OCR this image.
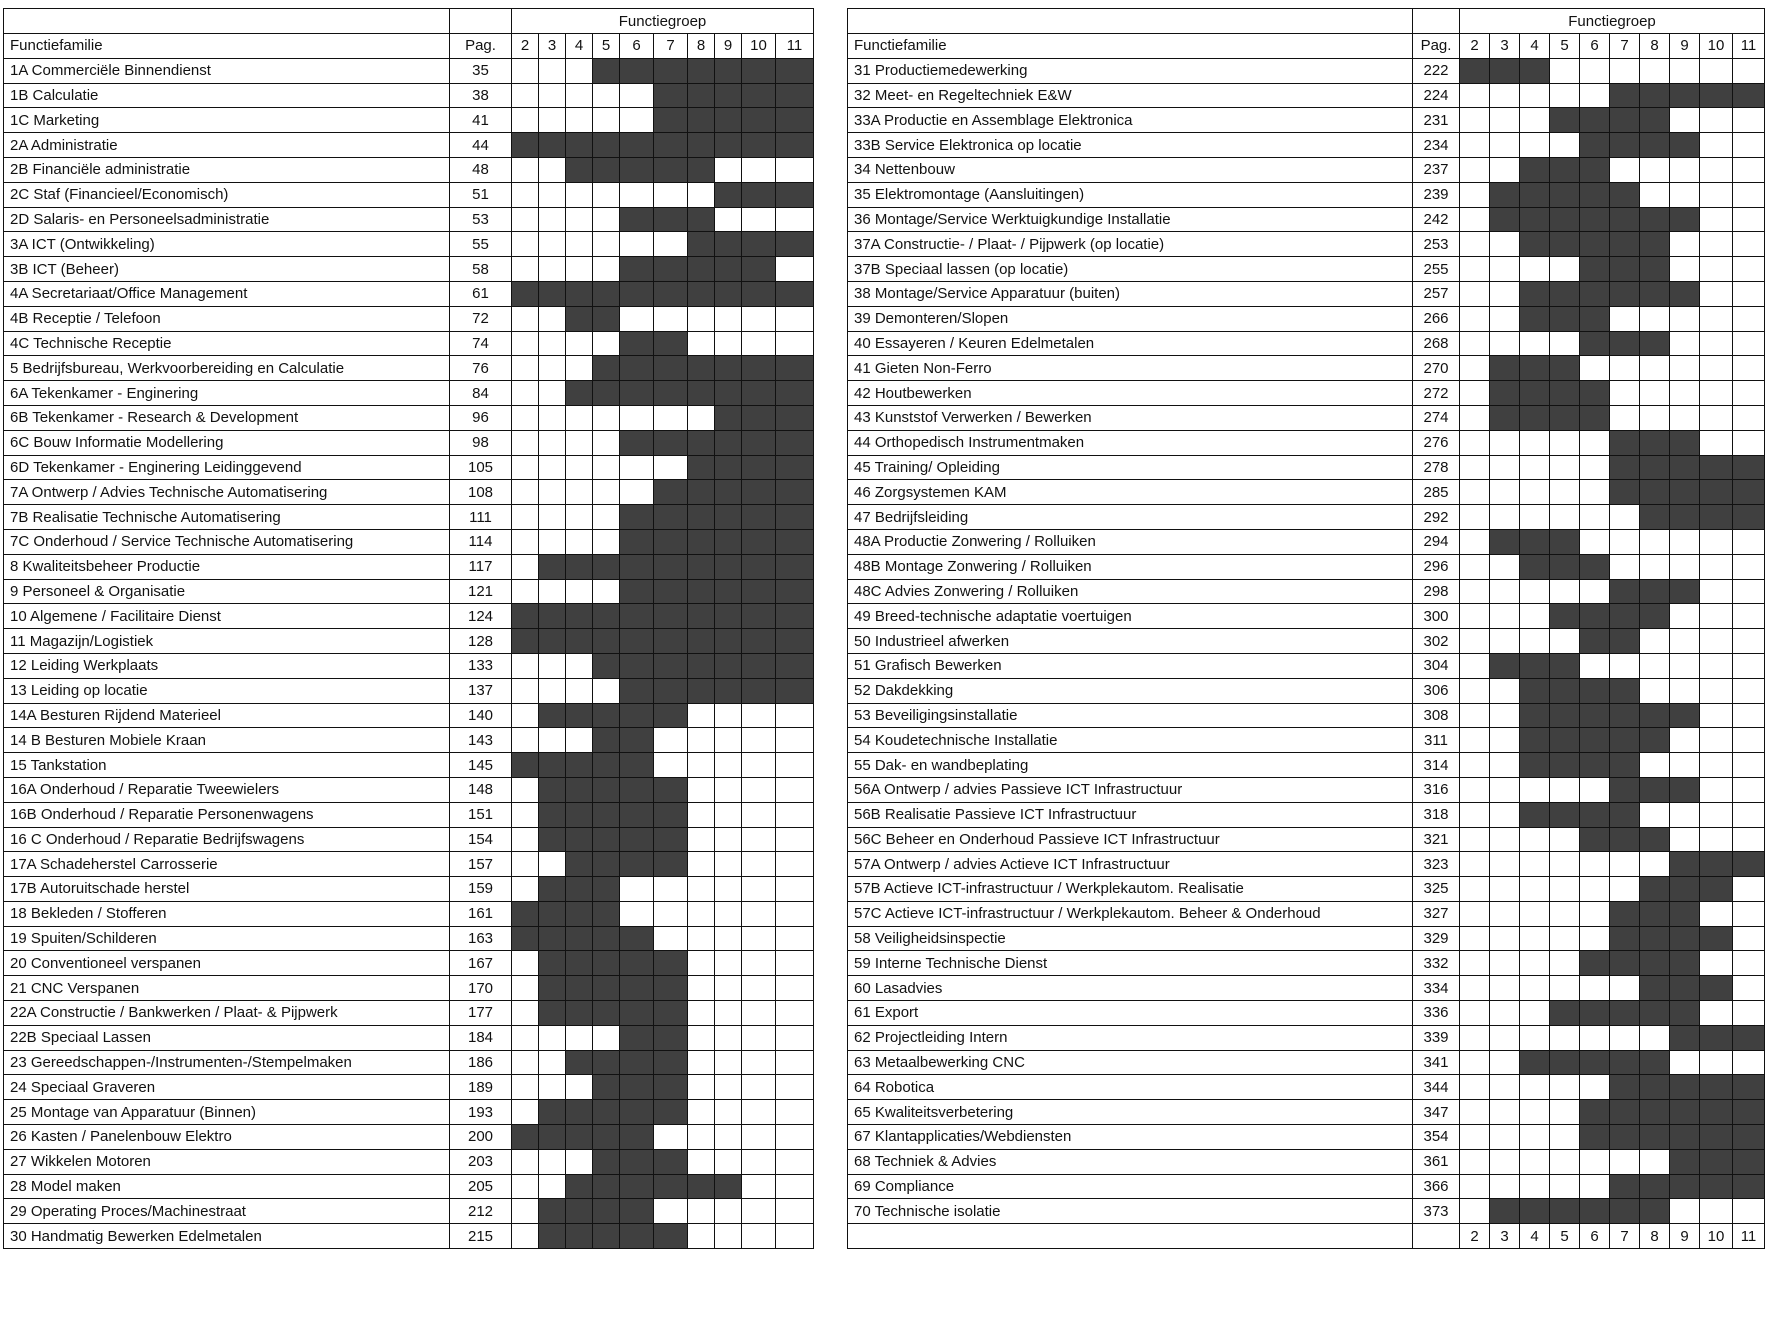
		Functiegroep									
Functiefamilie	Pag.	2	3	4	5	6	7	8	9	10	11
1A Commerciële Binnendienst	35										
1B Calculatie	38										
1C Marketing	41										
2A Administratie	44										
2B Financiële administratie	48										
2C Staf (Financieel/Economisch)	51										
2D Salaris- en Personeelsadministratie	53										
3A ICT (Ontwikkeling)	55										
3B ICT (Beheer)	58										
4A Secretariaat/Office Management	61										
4B Receptie / Telefoon	72										
4C Technische Receptie	74										
5 Bedrijfsbureau, Werkvoorbereiding en Calculatie	76										
6A Tekenkamer - Enginering	84										
6B Tekenkamer - Research & Development	96										
6C Bouw Informatie Modellering	98										
6D Tekenkamer - Enginering Leidinggevend	105										
7A Ontwerp / Advies Technische Automatisering	108										
7B Realisatie Technische Automatisering	111										
7C Onderhoud / Service Technische Automatisering	114										
8 Kwaliteitsbeheer Productie	117										
9 Personeel & Organisatie	121										
10 Algemene / Facilitaire Dienst	124										
11 Magazijn/Logistiek	128										
12 Leiding Werkplaats	133										
13 Leiding op locatie	137										
14A Besturen Rijdend Materieel	140										
14 B Besturen Mobiele Kraan	143										
15 Tankstation	145										
16A Onderhoud / Reparatie Tweewielers	148										
16B Onderhoud / Reparatie Personenwagens	151										
16 C Onderhoud / Reparatie Bedrijfswagens	154										
17A Schadeherstel Carrosserie	157										
17B Autoruitschade herstel	159										
18 Bekleden / Stofferen	161										
19 Spuiten/Schilderen	163										
20 Conventioneel verspanen	167										
21 CNC Verspanen	170										
22A Constructie / Bankwerken / Plaat- & Pijpwerk	177										
22B Speciaal Lassen	184										
23 Gereedschappen-/Instrumenten-/Stempelmaken	186										
24 Speciaal Graveren	189										
25 Montage van Apparatuur (Binnen)	193										
26 Kasten / Panelenbouw Elektro	200										
27 Wikkelen Motoren	203										
28 Model maken	205										
29 Operating Proces/Machinestraat	212										
30 Handmatig Bewerken Edelmetalen	215										
		Functiegroep									
Functiefamilie	Pag.	2	3	4	5	6	7	8	9	10	11
31 Productiemedewerking	222										
32 Meet- en Regeltechniek E&W	224										
33A Productie en Assemblage Elektronica	231										
33B Service Elektronica op locatie	234										
34 Nettenbouw	237										
35 Elektromontage (Aansluitingen)	239										
36 Montage/Service Werktuigkundige Installatie	242										
37A Constructie- / Plaat- / Pijpwerk (op locatie)	253										
37B Speciaal lassen (op locatie)	255										
38 Montage/Service Apparatuur (buiten)	257										
39 Demonteren/Slopen	266										
40 Essayeren / Keuren Edelmetalen	268										
41 Gieten Non-Ferro	270										
42 Houtbewerken	272										
43 Kunststof Verwerken / Bewerken	274										
44 Orthopedisch Instrumentmaken	276										
45 Training/ Opleiding	278										
46 Zorgsystemen KAM	285										
47 Bedrijfsleiding	292										
48A Productie Zonwering / Rolluiken	294										
48B Montage Zonwering / Rolluiken	296										
48C Advies Zonwering / Rolluiken	298										
49 Breed-technische adaptatie voertuigen	300										
50 Industrieel afwerken	302										
51 Grafisch Bewerken	304										
52 Dakdekking	306										
53 Beveiligingsinstallatie	308										
54 Koudetechnische Installatie	311										
55 Dak- en wandbeplating	314										
56A Ontwerp / advies Passieve ICT Infrastructuur	316										
56B Realisatie Passieve ICT Infrastructuur	318										
56C Beheer en Onderhoud Passieve ICT Infrastructuur	321										
57A Ontwerp / advies Actieve ICT Infrastructuur	323										
57B Actieve ICT-infrastructuur / Werkplekautom. Realisatie	325										
57C Actieve ICT-infrastructuur / Werkplekautom. Beheer & Onderhoud	327										
58 Veiligheidsinspectie	329										
59 Interne Technische Dienst	332										
60 Lasadvies	334										
61 Export	336										
62 Projectleiding Intern	339										
63 Metaalbewerking CNC	341										
64 Robotica	344										
65 Kwaliteitsverbetering	347										
67 Klantapplicaties/Webdiensten	354										
68 Techniek & Advies	361										
69 Compliance	366										
70 Technische isolatie	373										
		2	3	4	5	6	7	8	9	10	11
